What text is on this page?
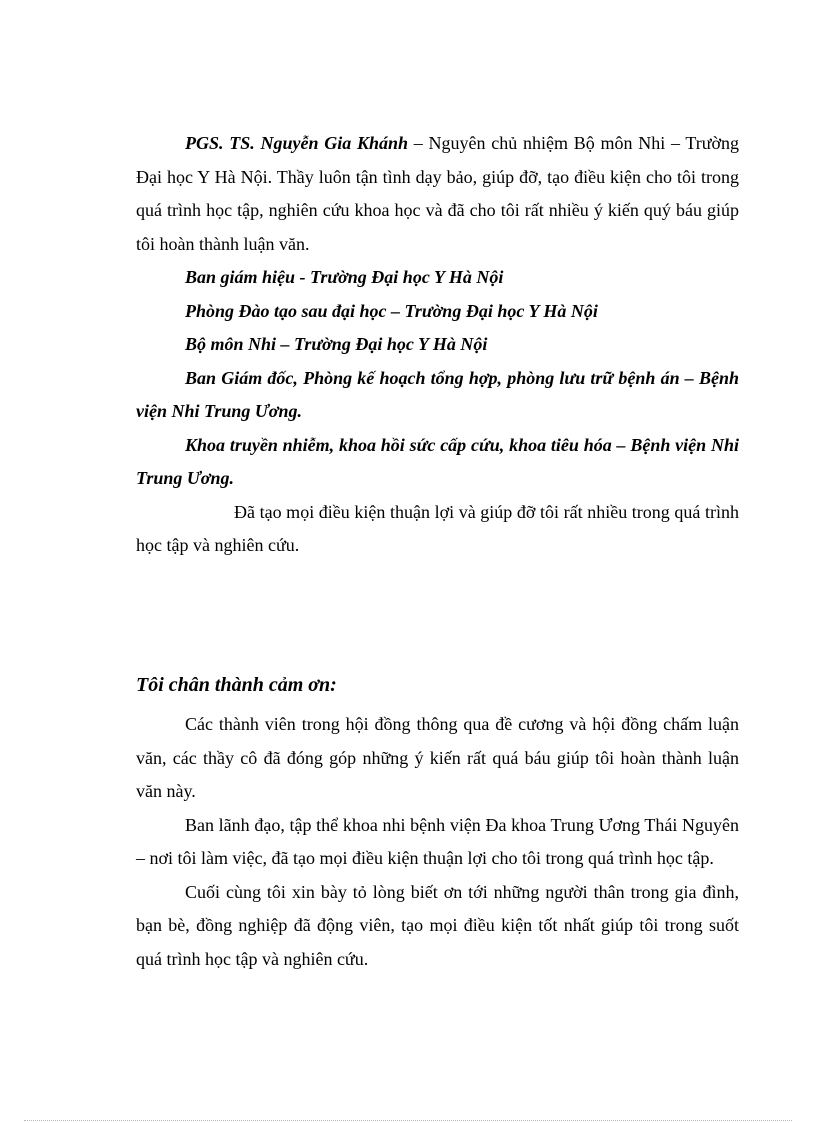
PGS. TS. Nguyễn Gia Khánh – Nguyên chủ nhiệm Bộ môn Nhi – Trường Đại học Y Hà Nội. Thầy luôn tận tình dạy bảo, giúp đỡ, tạo điều kiện cho tôi trong quá trình học tập, nghiên cứu khoa học và đã cho tôi rất nhiều ý kiến quý báu giúp tôi hoàn thành luận văn.

Ban giám hiệu - Trường Đại học Y Hà Nội

Phòng Đào tạo sau đại học – Trường Đại học Y Hà Nội

Bộ môn Nhi – Trường Đại học Y Hà Nội

Ban Giám đốc, Phòng kế hoạch tổng hợp, phòng lưu trữ bệnh án – Bệnh viện Nhi Trung Ương.

Khoa truyền nhiễm, khoa hồi sức cấp cứu, khoa tiêu hóa – Bệnh viện Nhi Trung Ương.

Đã tạo mọi điều kiện thuận lợi và giúp đỡ tôi rất nhiều trong quá trình học tập và nghiên cứu.

Tôi chân thành cảm ơn:

Các thành viên trong hội đồng thông qua đề cương và hội đồng chấm luận văn, các thầy cô đã đóng góp những ý kiến rất quá báu giúp tôi hoàn thành luận văn này.

Ban lãnh đạo, tập thể khoa nhi bệnh viện Đa khoa Trung Ương Thái Nguyên – nơi tôi làm việc, đã tạo mọi điều kiện thuận lợi cho tôi trong quá trình học tập.

Cuối cùng tôi xin bày tỏ lòng biết ơn tới những người thân trong gia đình, bạn bè, đồng nghiệp đã động viên, tạo mọi điều kiện tốt nhất giúp tôi trong suốt quá trình học tập và nghiên cứu.
